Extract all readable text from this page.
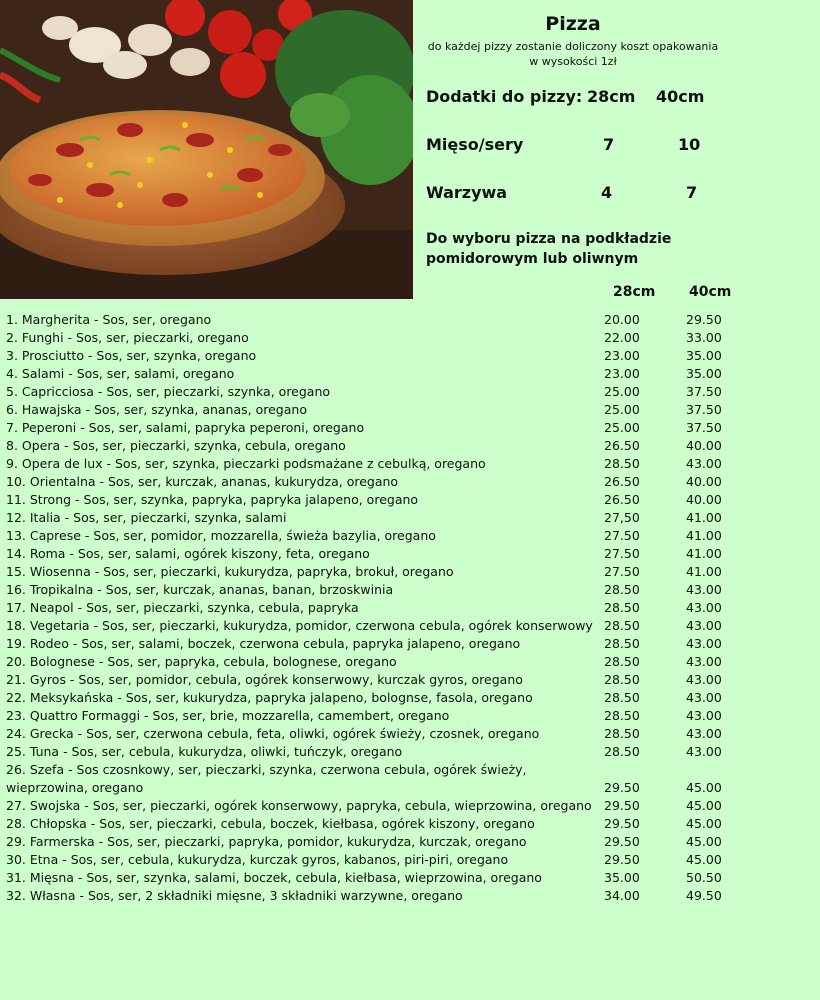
Pizza
do każdej pizzy zostanie doliczony koszt opakowania
w wysokości 1zł
Dodatki do pizzy: 28cm 40cm
Mięso/sery	7	10
Warzywa	4	7
Do wyboru pizza na podkładzie
pomidorowym lub oliwnym
28cm 40cm
1. Margherita - Sos, ser, oregano	20.00	29.50
2. Funghi - Sos, ser, pieczarki, oregano	22.00	33.00
3. Prosciutto - Sos, ser, szynka, oregano	23.00	35.00
4. Salami - Sos, ser, salami, oregano	23.00	35.00
5. Capricciosa - Sos, ser, pieczarki, szynka, oregano	25.00	37.50
6. Hawajska - Sos, ser, szynka, ananas, oregano	25.00	37.50
7. Peperoni - Sos, ser, salami, papryka peperoni, oregano	25.00	37.50
8. Opera - Sos, ser, pieczarki, szynka, cebula, oregano	26.50	40.00
9. Opera de lux - Sos, ser, szynka, pieczarki podsmażane z cebulką, oregano	28.50	43.00
10. Orientalna - Sos, ser, kurczak, ananas, kukurydza, oregano	26.50	40.00
11. Strong - Sos, ser, szynka, papryka, papryka jalapeno, oregano	26.50	40.00
12. Italia - Sos, ser, pieczarki, szynka, salami	27,50	41.00
13. Caprese - Sos, ser, pomidor, mozzarella, świeża bazylia, oregano	27.50	41.00
14. Roma - Sos, ser, salami, ogórek kiszony, feta, oregano	27.50	41.00
15. Wiosenna - Sos, ser, pieczarki, kukurydza, papryka, brokuł, oregano	27.50	41.00
16. Tropikalna - Sos, ser, kurczak, ananas, banan, brzoskwinia	28.50	43.00
17. Neapol - Sos, ser, pieczarki, szynka, cebula, papryka	28.50	43.00
18. Vegetaria - Sos, ser, pieczarki, kukurydza, pomidor, czerwona cebula, ogórek konserwowy 28.50	43.00
19. Rodeo - Sos, ser, salami, boczek, czerwona cebula, papryka jalapeno, oregano	28.50	43.00
20. Bolognese - Sos, ser, papryka, cebula, bolognese, oregano	28.50	43.00
21. Gyros - Sos, ser, pomidor, cebula, ogórek konserwowy, kurczak gyros, oregano	28.50	43.00
22. Meksykańska - Sos, ser, kukurydza, papryka jalapeno, bolognse, fasola, oregano	28.50	43.00
23. Quattro Formaggi - Sos, ser, brie, mozzarella, camembert, oregano	28.50	43.00
24. Grecka - Sos, ser, czerwona cebula, feta, oliwki, ogórek świeży, czosnek, oregano	28.50	43.00
25. Tuna - Sos, ser, cebula, kukurydza, oliwki, tuńczyk, oregano	28.50	43.00
26. Szefa - Sos czosnkowy, ser, pieczarki, szynka, czerwona cebula, ogórek świeży, wieprzowina, oregano	29.50	45.00
27. Swojska - Sos, ser, pieczarki, ogórek konserwowy, papryka, cebula, wieprzowina, oregano 29.50	45.00
28. Chłopska - Sos, ser, pieczarki, cebula, boczek, kiełbasa, ogórek kiszony, oregano	29.50	45.00
29. Farmerska - Sos, ser, pieczarki, papryka, pomidor, kukurydza, kurczak, oregano	29.50	45.00
30. Etna - Sos, ser, cebula, kukurydza, kurczak gyros, kabanos, piri-piri, oregano	29.50	45.00
31. Mięsna - Sos, ser, szynka, salami, boczek, cebula, kiełbasa, wieprzowina, oregano	35.00	50.50
32. Własna - Sos, ser, 2 składniki mięsne, 3 składniki warzywne, oregano	34.00	49.50
